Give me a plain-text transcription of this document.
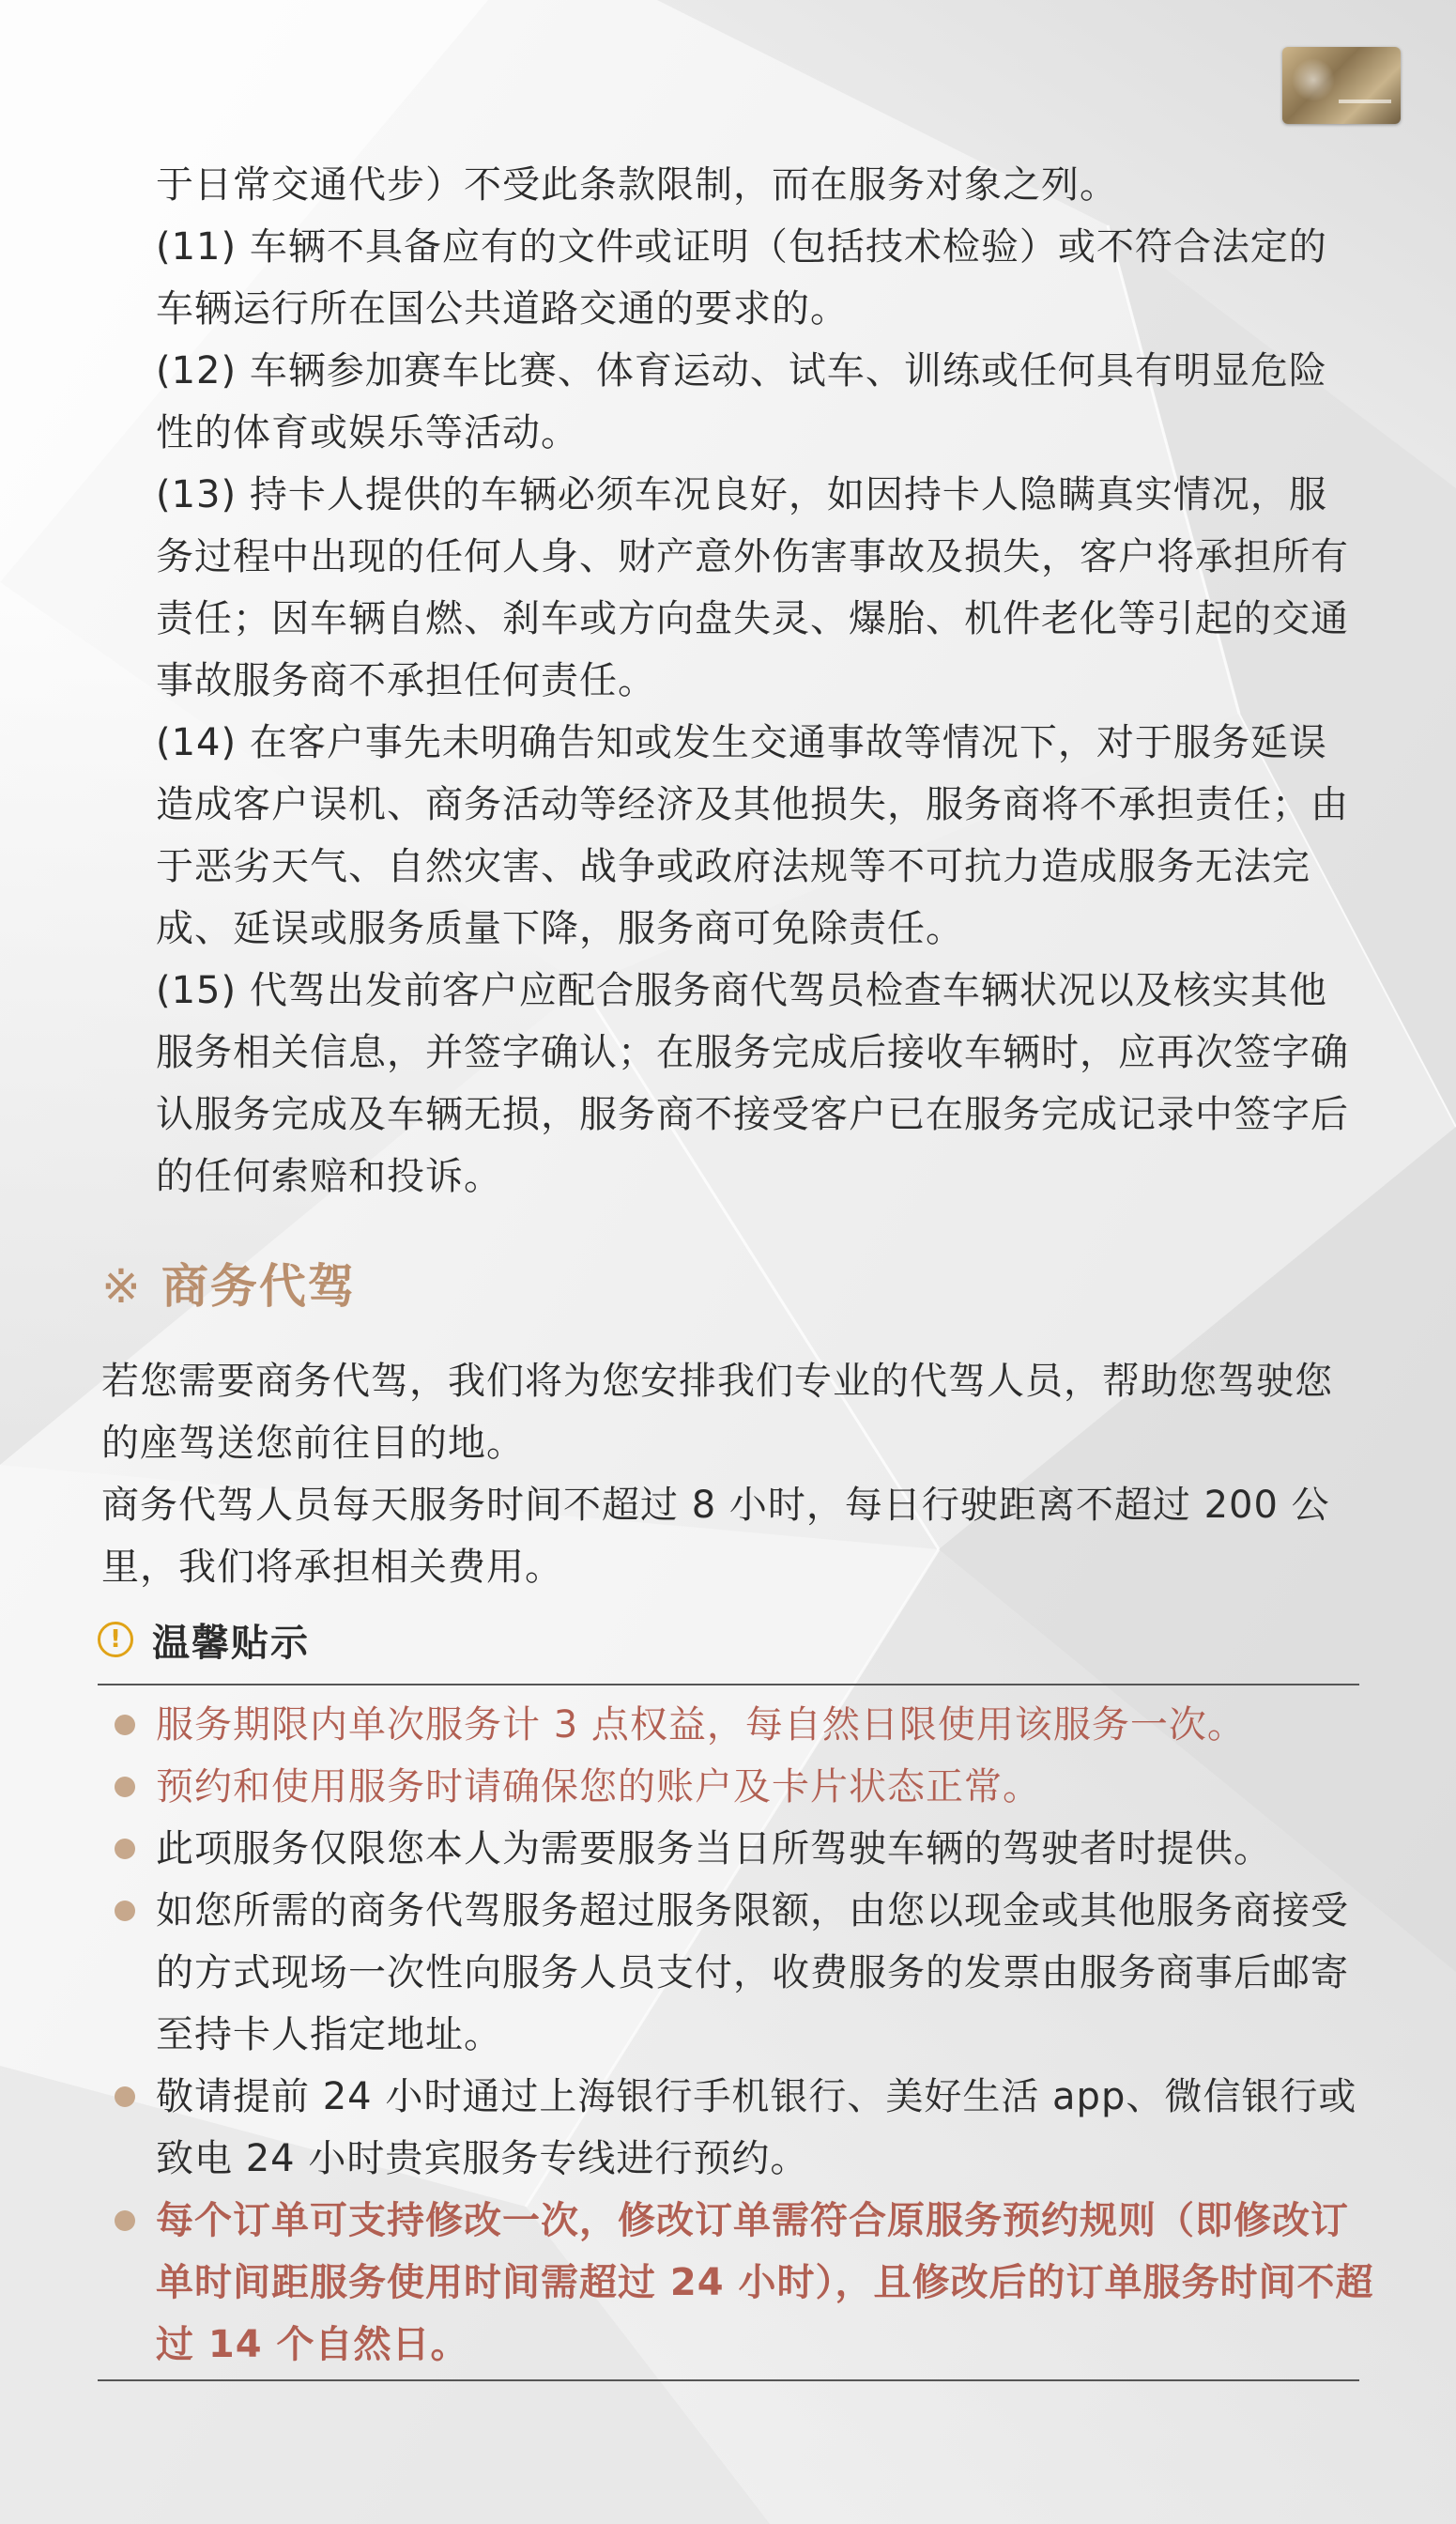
于日常交通代步）不受此条款限制，而在服务对象之列。

(11) 车辆不具备应有的文件或证明（包括技术检验）或不符合法定的车辆运行所在国公共道路交通的要求的。

(12) 车辆参加赛车比赛、体育运动、试车、训练或任何具有明显危险性的体育或娱乐等活动。

(13) 持卡人提供的车辆必须车况良好，如因持卡人隐瞒真实情况，服务过程中出现的任何人身、财产意外伤害事故及损失，客户将承担所有责任；因车辆自燃、刹车或方向盘失灵、爆胎、机件老化等引起的交通事故服务商不承担任何责任。

(14) 在客户事先未明确告知或发生交通事故等情况下，对于服务延误造成客户误机、商务活动等经济及其他损失，服务商将不承担责任；由于恶劣天气、自然灾害、战争或政府法规等不可抗力造成服务无法完成、延误或服务质量下降，服务商可免除责任。

(15) 代驾出发前客户应配合服务商代驾员检查车辆状况以及核实其他服务相关信息，并签字确认；在服务完成后接收车辆时，应再次签字确认服务完成及车辆无损，服务商不接受客户已在服务完成记录中签字后的任何索赔和投诉。

※ 商务代驾

若您需要商务代驾，我们将为您安排我们专业的代驾人员，帮助您驾驶您的座驾送您前往目的地。

商务代驾人员每天服务时间不超过 8 小时，每日行驶距离不超过 200 公里，我们将承担相关费用。

! 温馨贴示

服务期限内单次服务计 3 点权益，每自然日限使用该服务一次。

预约和使用服务时请确保您的账户及卡片状态正常。

此项服务仅限您本人为需要服务当日所驾驶车辆的驾驶者时提供。

如您所需的商务代驾服务超过服务限额，由您以现金或其他服务商接受的方式现场一次性向服务人员支付，收费服务的发票由服务商事后邮寄至持卡人指定地址。

敬请提前 24 小时通过上海银行手机银行、美好生活 app、微信银行或致电 24 小时贵宾服务专线进行预约。

每个订单可支持修改一次，修改订单需符合原服务预约规则（即修改订单时间距服务使用时间需超过 24 小时），且修改后的订单服务时间不超过 14 个自然日。
